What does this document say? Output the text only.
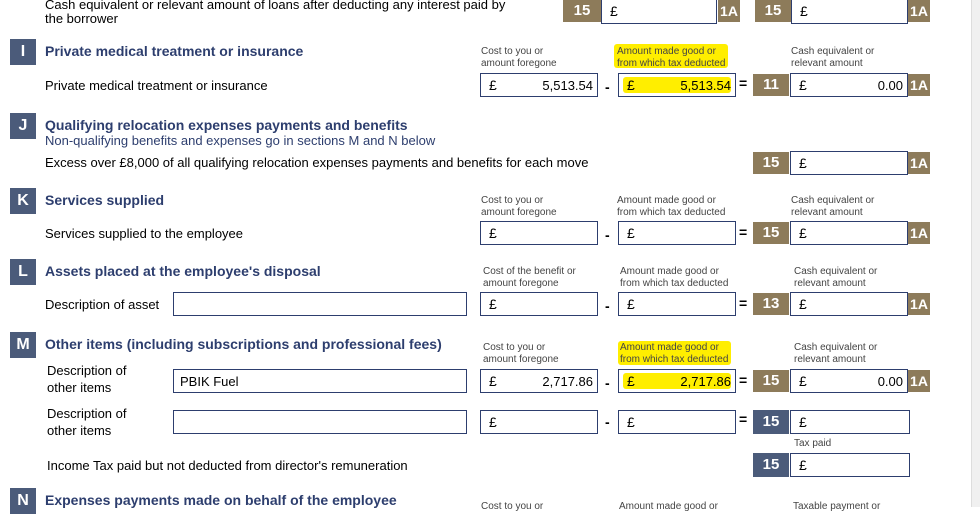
Cash equivalent or relevant amount of loans after deducting any interest paid by the borrower	15	£	1A	15	£	1A
I	Private medical treatment or insurance	Cost to you or
amount foregone
Amount made good or
from which tax deducted
Cash equivalent or
relevant amount
Private medical treatment or insurance	£	5,513.54 - £	5,513.54 =	11	£	0.00 1A
J	Qualifying relocation expenses payments and benefits
Non-qualifying benefits and expenses go in sections M and N below
Excess over £8,000 of all qualifying relocation expenses payments and benefits for each move	15	£	1A
K	Services supplied	Cost to you or
amount foregone
Amount made good or
from which tax deducted
Cash equivalent or
relevant amount
Services supplied to the employee	£	- £	=	15	£	1A
L	Assets placed at the employee's disposal	Cost of the benefit or
amount foregone
Amount made good or
from which tax deducted
Cash equivalent or
relevant amount
Description of asset	£	- £	=	13	£	1A
M	Other items (including subscriptions and professional fees)	Cost to you or
amount foregone
Amount made good or
from which tax deducted
Cash equivalent or
relevant amount
Description of
other items	PBIK Fuel	£	2,717.86 - £	2,717.86 =	15	£	0.00 1A
Description of
other items
£	- £	=	15	£
Tax paid
Income Tax paid but not deducted from director's remuneration	15	£
N	Expenses payments made on behalf of the employee	Cost to you or	Amount made good or	Taxable payment or
